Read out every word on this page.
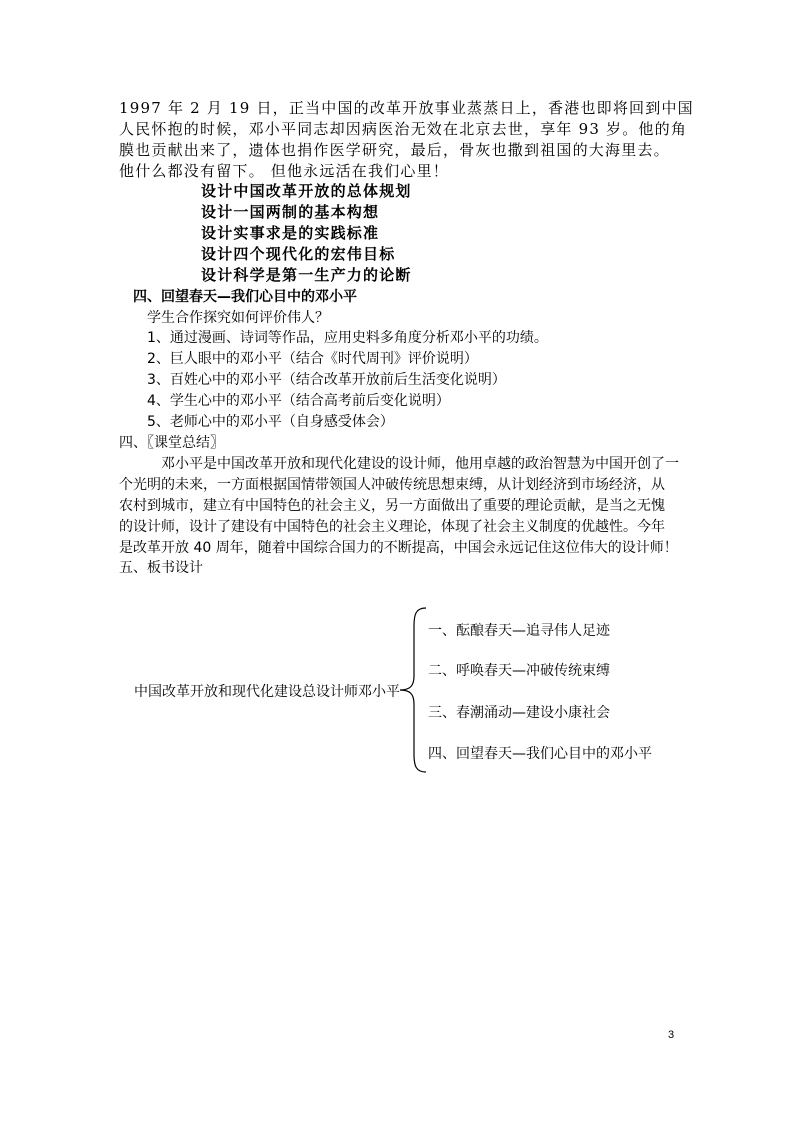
1997 年 2 月 19 日，正当中国的改革开放事业蒸蒸日上，香港也即将回到中国
人民怀抱的时候，邓小平同志却因病医治无效在北京去世，享年 93 岁。他的角
膜也贡献出来了，遗体也捐作医学研究，最后，骨灰也撒到祖国的大海里去。
他什么都没有留下。 但他永远活在我们心里！
设计中国改革开放的总体规划
设计一国两制的基本构想
设计实事求是的实践标准
设计四个现代化的宏伟目标
设计科学是第一生产力的论断
四、回望春天—我们心目中的邓小平
学生合作探究如何评价伟人？
1、通过漫画、诗词等作品，应用史料多角度分析邓小平的功绩。
2、巨人眼中的邓小平（结合《时代周刊》评价说明）
3、百姓心中的邓小平（结合改革开放前后生活变化说明）
4、学生心中的邓小平（结合高考前后变化说明）
5、老师心中的邓小平（自身感受体会）
四、〖课堂总结〗
邓小平是中国改革开放和现代化建设的设计师，他用卓越的政治智慧为中国开创了一
个光明的未来，一方面根据国情带领国人冲破传统思想束缚，从计划经济到市场经济，从
农村到城市，建立有中国特色的社会主义，另一方面做出了重要的理论贡献，是当之无愧
的设计师，设计了建设有中国特色的社会主义理论，体现了社会主义制度的优越性。今年
是改革开放 40 周年，随着中国综合国力的不断提高，中国会永远记住这位伟大的设计师！
五、板书设计
中国改革开放和现代化建设总设计师邓小平
一、酝酿春天—追寻伟人足迹
二、呼唤春天—冲破传统束缚
三、春潮涌动—建设小康社会
四、回望春天—我们心目中的邓小平
3
